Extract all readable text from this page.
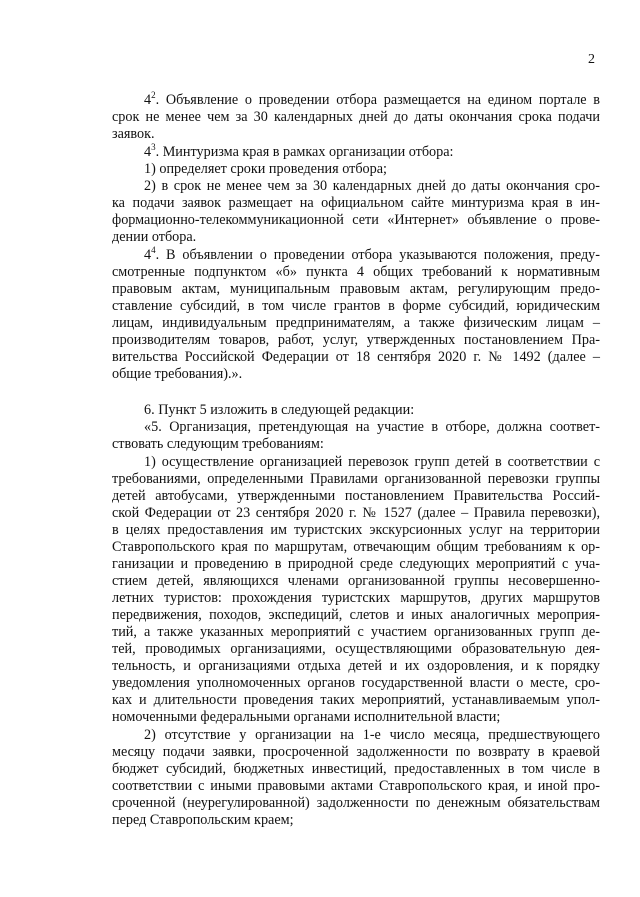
2
$4^2$. Объявление о проведении отбора размещается на едином портале в
срок не менее чем за 30 календарных дней до даты окончания срока подачи
заявок.
$4^3$. Минтуризма края в рамках организации отбора:
1) определяет сроки проведения отбора;
2) в срок не менее чем за 30 календарных дней до даты окончания сро-
ка подачи заявок размещает на официальном сайте минтуризма края в ин-
формационно-телекоммуникационной сети «Интернет» объявление о прове-
дении отбора.
$4^4$. В объявлении о проведении отбора указываются положения, преду-
смотренные подпунктом «б» пункта 4 общих требований к нормативным
правовым актам, муниципальным правовым актам, регулирующим предо-
ставление субсидий, в том числе грантов в форме субсидий, юридическим
лицам, индивидуальным предпринимателям, а также физическим лицам –
производителям товаров, работ, услуг, утвержденных постановлением Пра-
вительства Российской Федерации от 18 сентября 2020 г. № 1492 (далее –
общие требования).».
6. Пункт 5 изложить в следующей редакции:
«5. Организация, претендующая на участие в отборе, должна соответ-
ствовать следующим требованиям:
1) осуществление организацией перевозок групп детей в соответствии с
требованиями, определенными Правилами организованной перевозки группы
детей автобусами, утвержденными постановлением Правительства Россий-
ской Федерации от 23 сентября 2020 г. № 1527 (далее – Правила перевозки),
в целях предоставления им туристских экскурсионных услуг на территории
Ставропольского края по маршрутам, отвечающим общим требованиям к ор-
ганизации и проведению в природной среде следующих мероприятий с уча-
стием детей, являющихся членами организованной группы несовершенно-
летних туристов: прохождения туристских маршрутов, других маршрутов
передвижения, походов, экспедиций, слетов и иных аналогичных мероприя-
тий, а также указанных мероприятий с участием организованных групп де-
тей, проводимых организациями, осуществляющими образовательную дея-
тельность, и организациями отдыха детей и их оздоровления, и к порядку
уведомления уполномоченных органов государственной власти о месте, сро-
ках и длительности проведения таких мероприятий, устанавливаемым упол-
номоченными федеральными органами исполнительной власти;
2) отсутствие у организации на 1-е число месяца, предшествующего
месяцу подачи заявки, просроченной задолженности по возврату в краевой
бюджет субсидий, бюджетных инвестиций, предоставленных в том числе в
соответствии с иными правовыми актами Ставропольского края, и иной про-
сроченной (неурегулированной) задолженности по денежным обязательствам
перед Ставропольским краем;
